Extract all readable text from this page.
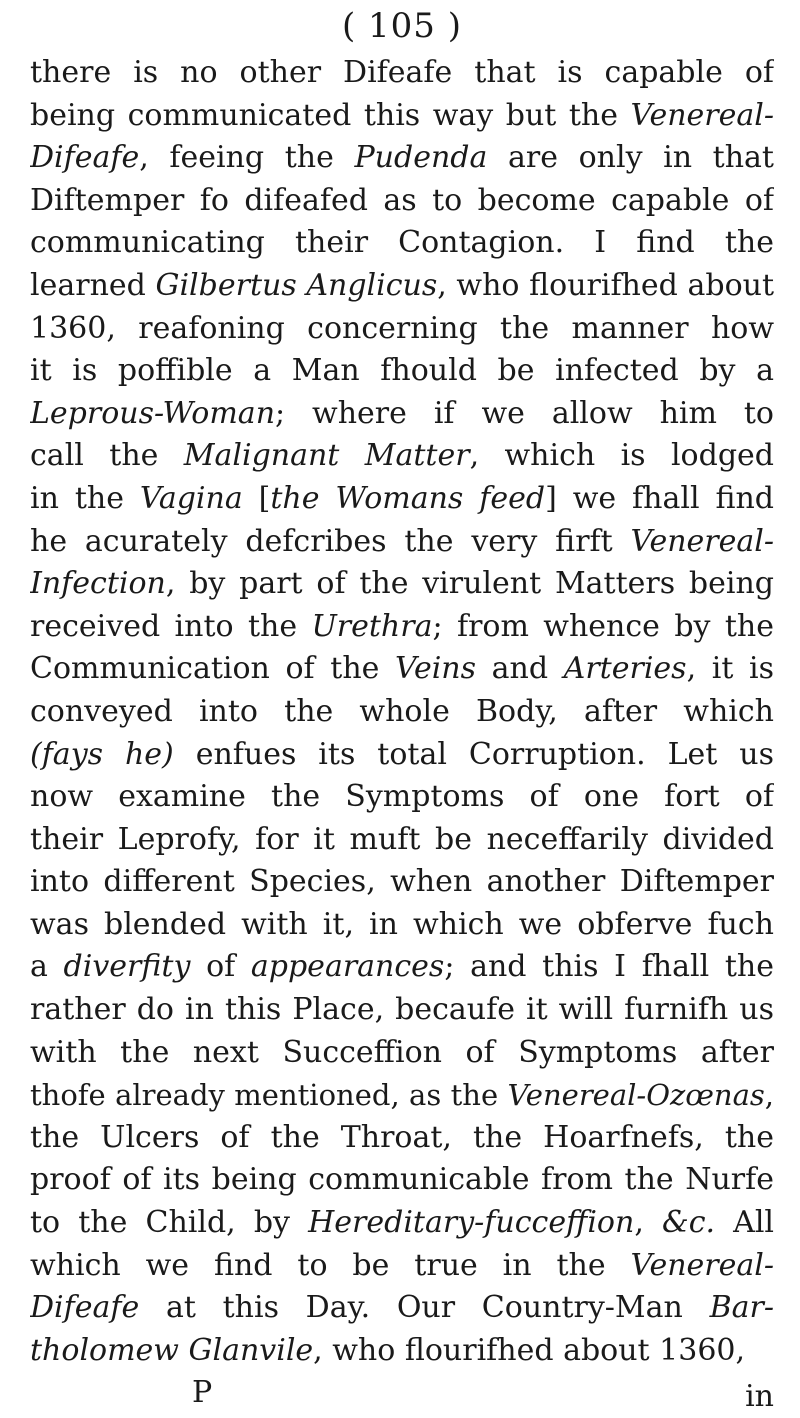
( 105 )
there is no other Difeafe that is capable of
being communicated this way but the Venereal-
Difeafe, feeing the Pudenda are only in that
Diftemper fo difeafed as to become capable of
communicating their Contagion. I find the
learned Gilbertus Anglicus, who flourifhed about
1360, reafoning concerning the manner how
it is poffible a Man fhould be infected by a
Leprous-Woman; where if we allow him to
call the Malignant Matter, which is lodged
in the Vagina [the Womans feed] we fhall find
he acurately defcribes the very firft Venereal-
Infection, by part of the virulent Matters being
received into the Urethra; from whence by the
Communication of the Veins and Arteries, it is
conveyed into the whole Body, after which
(fays he) enfues its total Corruption. Let us
now examine the Symptoms of one fort of
their Leprofy, for it muft be neceffarily divided
into different Species, when another Diftemper
was blended with it, in which we obferve fuch
a diverfity of appearances; and this I fhall the
rather do in this Place, becaufe it will furnifh us
with the next Succeffion of Symptoms after
thofe already mentioned, as the Venereal-Ozœnas,
the Ulcers of the Throat, the Hoarfnefs, the
proof of its being communicable from the Nurfe
to the Child, by Hereditary-fucceffion, &c. All
which we find to be true in the Venereal-
Difeafe at this Day. Our Country-Man Bar-
tholomew Glanvile, who flourifhed about 1360,
P	in
